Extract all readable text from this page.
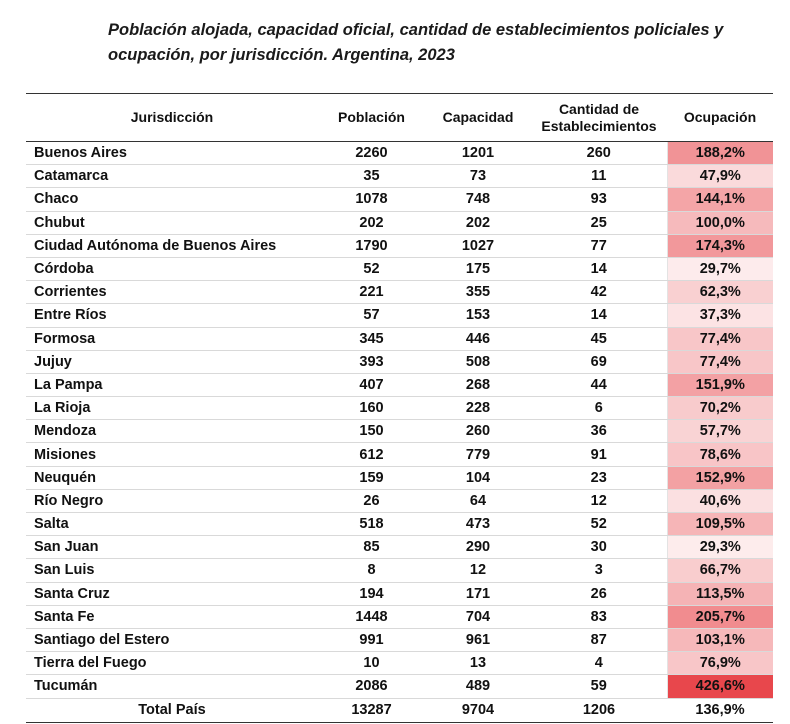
Población alojada, capacidad oficial, cantidad de establecimientos policiales y ocupación, por jurisdicción. Argentina, 2023
Jurisdicción	Población	Capacidad	Cantidad de Establecimientos	Ocupación
Buenos Aires	2260	1201	260	188,2%
Catamarca	35	73	11	47,9%
Chaco	1078	748	93	144,1%
Chubut	202	202	25	100,0%
Ciudad Autónoma de Buenos Aires	1790	1027	77	174,3%
Córdoba	52	175	14	29,7%
Corrientes	221	355	42	62,3%
Entre Ríos	57	153	14	37,3%
Formosa	345	446	45	77,4%
Jujuy	393	508	69	77,4%
La Pampa	407	268	44	151,9%
La Rioja	160	228	6	70,2%
Mendoza	150	260	36	57,7%
Misiones	612	779	91	78,6%
Neuquén	159	104	23	152,9%
Río Negro	26	64	12	40,6%
Salta	518	473	52	109,5%
San Juan	85	290	30	29,3%
San Luis	8	12	3	66,7%
Santa Cruz	194	171	26	113,5%
Santa Fe	1448	704	83	205,7%
Santiago del Estero	991	961	87	103,1%
Tierra del Fuego	10	13	4	76,9%
Tucumán	2086	489	59	426,6%
Total País	13287	9704	1206	136,9%
